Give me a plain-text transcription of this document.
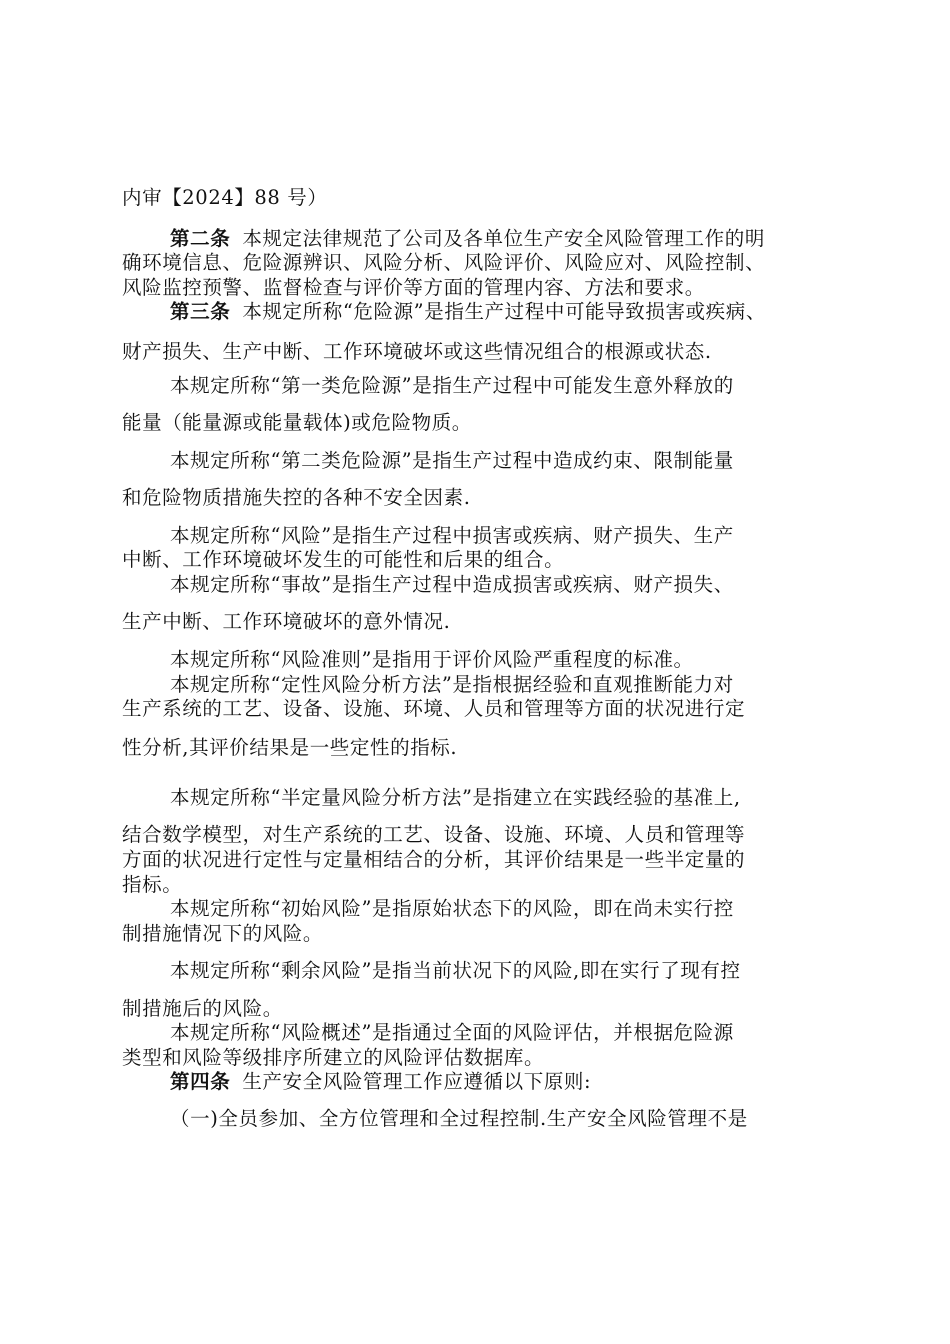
内审【2024】88 号）
第二条 本规定法律规范了公司及各单位生产安全风险管理工作的明
确环境信息、危险源辨识、风险分析、风险评价、风险应对、风险控制、
风险监控预警、监督检查与评价等方面的管理内容、方法和要求。
第三条 本规定所称“危险源”是指生产过程中可能导致损害或疾病、
财产损失、生产中断、工作环境破坏或这些情况组合的根源或状态.
本规定所称“第一类危险源”是指生产过程中可能发生意外释放的
能量（能量源或能量载体)或危险物质。
本规定所称“第二类危险源”是指生产过程中造成约束、限制能量
和危险物质措施失控的各种不安全因素.
本规定所称“风险”是指生产过程中损害或疾病、财产损失、生产
中断、工作环境破坏发生的可能性和后果的组合。
本规定所称“事故”是指生产过程中造成损害或疾病、财产损失、
生产中断、工作环境破坏的意外情况.
本规定所称“风险准则”是指用于评价风险严重程度的标准。
本规定所称“定性风险分析方法”是指根据经验和直观推断能力对
生产系统的工艺、设备、设施、环境、人员和管理等方面的状况进行定
性分析,其评价结果是一些定性的指标.
本规定所称“半定量风险分析方法”是指建立在实践经验的基准上,
结合数学模型，对生产系统的工艺、设备、设施、环境、人员和管理等
方面的状况进行定性与定量相结合的分析，其评价结果是一些半定量的
指标。
本规定所称“初始风险”是指原始状态下的风险，即在尚未实行控
制措施情况下的风险。
本规定所称“剩余风险”是指当前状况下的风险,即在实行了现有控
制措施后的风险。
本规定所称“风险概述”是指通过全面的风险评估，并根据危险源
类型和风险等级排序所建立的风险评估数据库。
第四条 生产安全风险管理工作应遵循以下原则:
（一)全员参加、全方位管理和全过程控制.生产安全风险管理不是
